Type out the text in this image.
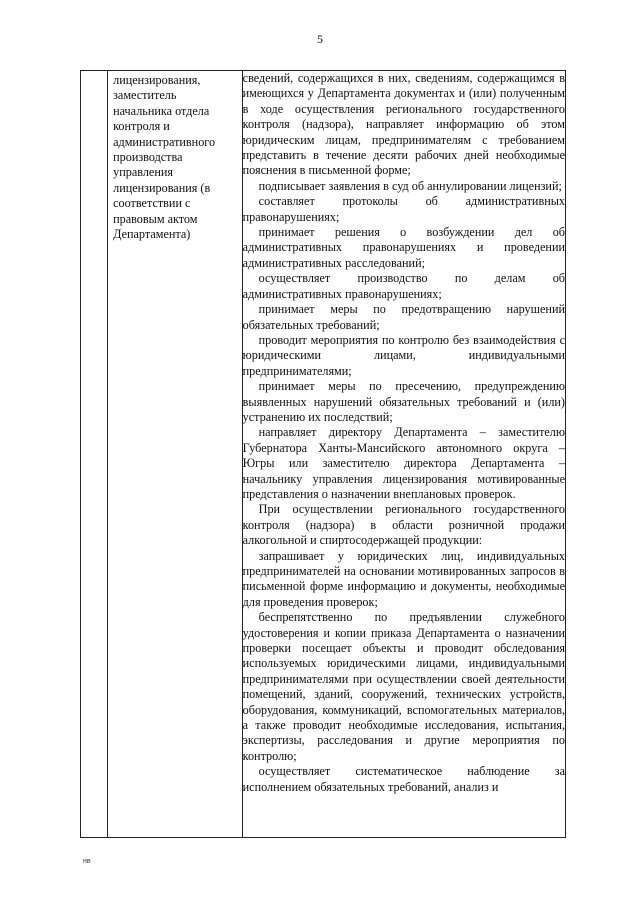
5

лицензирования, заместитель начальника отдела контроля и административного производства управления лицензирования (в соответствии с правовым актом Департамента)

сведений, содержащихся в них, сведениям, содержащимся в имеющихся у Департамента документах и (или) полученным в ходе осуществления регионального государственного контроля (надзора), направляет информацию об этом юридическим лицам, предпринимателям с требованием представить в течение десяти рабочих дней необходимые пояснения в письменной форме;

подписывает заявления в суд об аннулировании лицензий;

составляет протоколы об административных правонарушениях;

принимает решения о возбуждении дел об административных правонарушениях и проведении административных расследований;

осуществляет производство по делам об административных правонарушениях;

принимает меры по предотвращению нарушений обязательных требований;

проводит мероприятия по контролю без взаимодействия с юридическими лицами, индивидуальными предпринимателями;

принимает меры по пресечению, предупреждению выявленных нарушений обязательных требований и (или) устранению их последствий;

направляет директору Департамента – заместителю Губернатора Ханты-Мансийского автономного округа – Югры или заместителю директора Департамента – начальнику управления лицензирования мотивированные представления о назначении внеплановых проверок.

При осуществлении регионального государственного контроля (надзора) в области розничной продажи алкогольной и спиртосодержащей продукции:

запрашивает у юридических лиц, индивидуальных предпринимателей на основании мотивированных запросов в письменной форме информацию и документы, необходимые для проведения проверок;

беспрепятственно по предъявлении служебного удостоверения и копии приказа Департамента о назначении проверки посещает объекты и проводит обследования используемых юридическими лицами, индивидуальными предпринимателями при осуществлении своей деятельности помещений, зданий, сооружений, технических устройств, оборудования, коммуникаций, вспомогательных материалов, а также проводит необходимые исследования, испытания, экспертизы, расследования и другие мероприятия по контролю;

осуществляет систематическое наблюдение за исполнением обязательных требований, анализ и

нв
